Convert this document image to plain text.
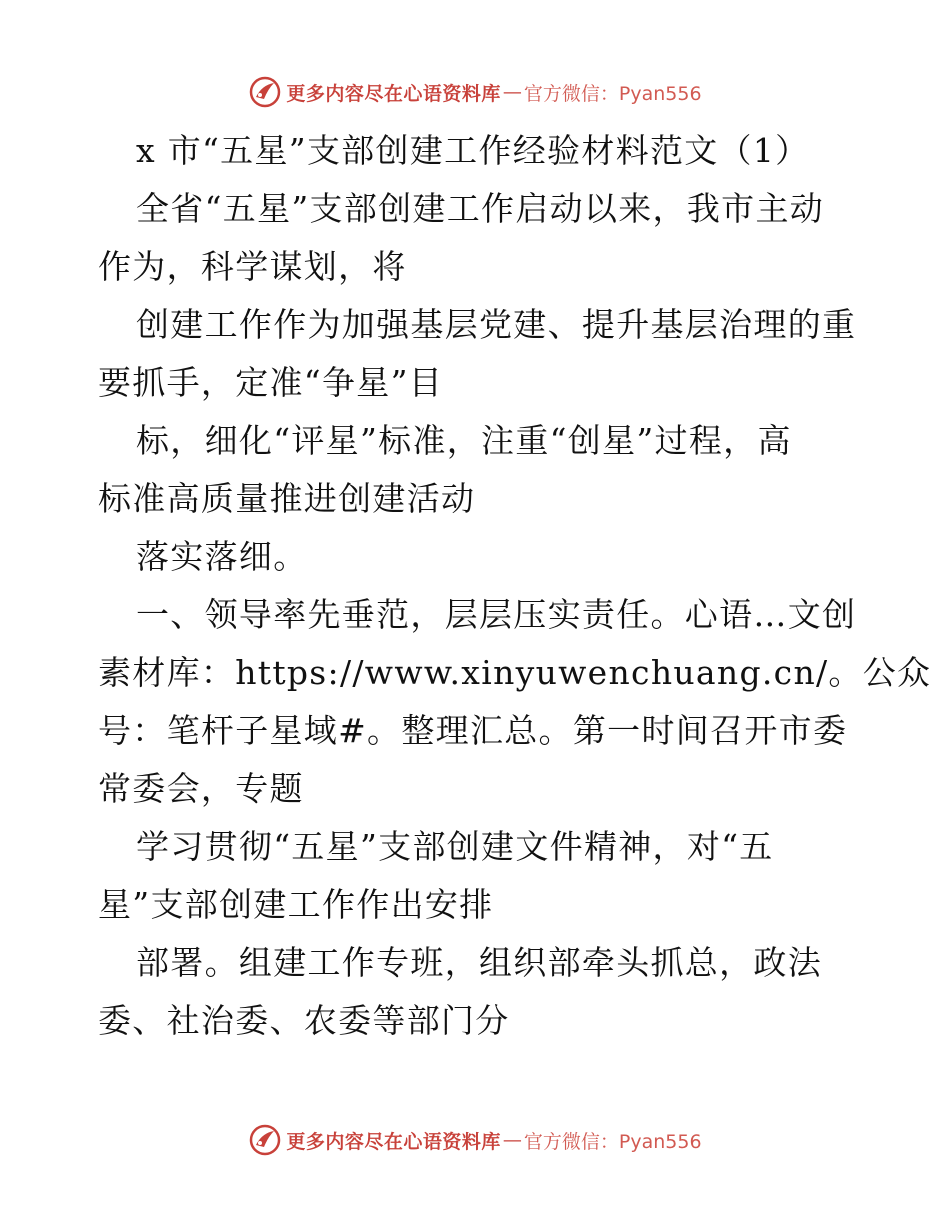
更多内容尽在心语资料库 — 官方微信：Pyan556
x 市“五星”支部创建工作经验材料范文（1）
全省“五星”支部创建工作启动以来，我市主动
作为，科学谋划，将
创建工作作为加强基层党建、提升基层治理的重
要抓手，定准“争星”目
标，细化“评星”标准，注重“创星”过程，高
标准高质量推进创建活动
落实落细。
一、领导率先垂范，层层压实责任。心语…文创
素材库：https://www.xinyuwenchuang.cn/。公众
号：笔杆子星域#。整理汇总。第一时间召开市委
常委会，专题
学习贯彻“五星”支部创建文件精神，对“五
星”支部创建工作作出安排
部署。组建工作专班，组织部牵头抓总，政法
委、社治委、农委等部门分
更多内容尽在心语资料库 — 官方微信：Pyan556
